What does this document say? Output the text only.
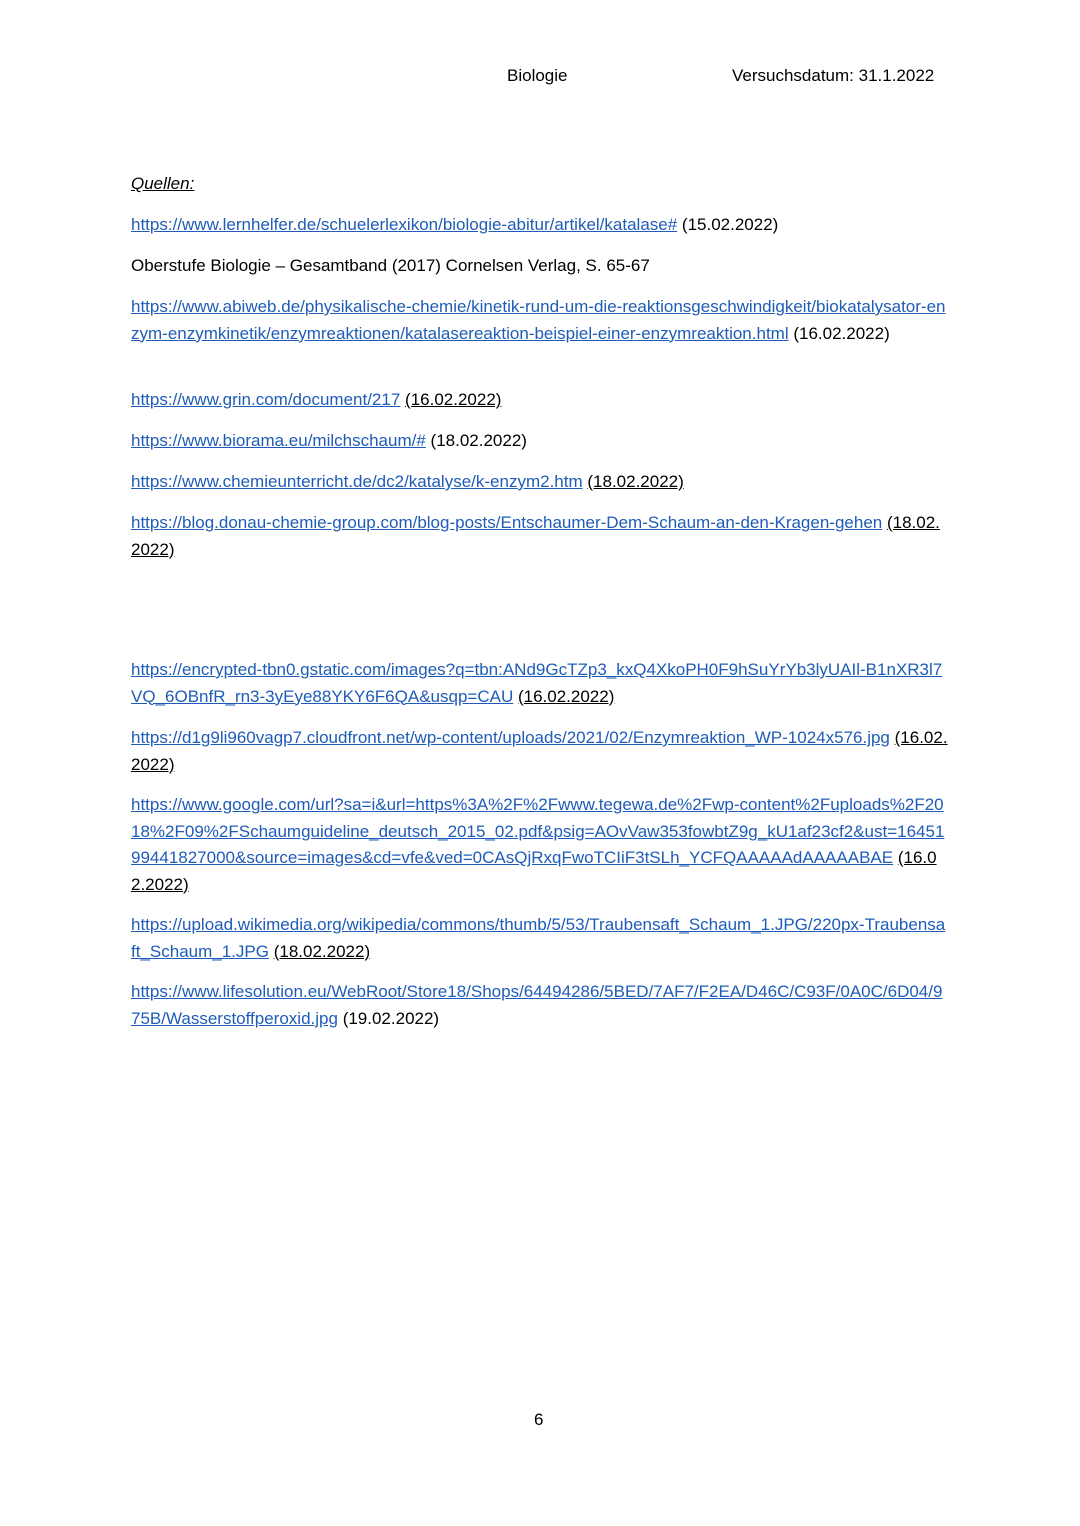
Biologie	Versuchsdatum: 31.1.2022
Quellen:
https://www.lernhelfer.de/schuelerlexikon/biologie-abitur/artikel/katalase# (15.02.2022)
Oberstufe Biologie – Gesamtband (2017) Cornelsen Verlag, S. 65-67
https://www.abiweb.de/physikalische-chemie/kinetik-rund-um-die-reaktionsgeschwindigkeit/biokatalysator-enzym-enzymkinetik/enzymreaktionen/katalasereaktion-beispiel-einer-enzymreaktion.html (16.02.2022)
https://www.grin.com/document/217 (16.02.2022)
https://www.biorama.eu/milchschaum/# (18.02.2022)
https://www.chemieunterricht.de/dc2/katalyse/k-enzym2.htm (18.02.2022)
https://blog.donau-chemie-group.com/blog-posts/Entschaumer-Dem-Schaum-an-den-Kragen-gehen (18.02.2022)
https://encrypted-tbn0.gstatic.com/images?q=tbn:ANd9GcTZp3_kxQ4XkoPH0F9hSuYrYb3lyUAIl-B1nXR3l7VQ_6OBnfR_rn3-3yEye88YKY6F6QA&usqp=CAU (16.02.2022)
https://d1g9li960vagp7.cloudfront.net/wp-content/uploads/2021/02/Enzymreaktion_WP-1024x576.jpg (16.02.2022)
https://www.google.com/url?sa=i&url=https%3A%2F%2Fwww.tegewa.de%2Fwp-content%2Fuploads%2F2018%2F09%2FSchaumguideline_deutsch_2015_02.pdf&psig=AOvVaw353fowbtZ9g_kU1af23cf2&ust=1645199441827000&source=images&cd=vfe&ved=0CAsQjRxqFwoTCIiF3tSLh_YCFQAAAAAdAAAAABAE (16.02.2022)
https://upload.wikimedia.org/wikipedia/commons/thumb/5/53/Traubensaft_Schaum_1.JPG/220px-Traubensaft_Schaum_1.JPG (18.02.2022)
https://www.lifesolution.eu/WebRoot/Store18/Shops/64494286/5BED/7AF7/F2EA/D46C/C93F/0A0C/6D04/975B/Wasserstoffperoxid.jpg (19.02.2022)
6
